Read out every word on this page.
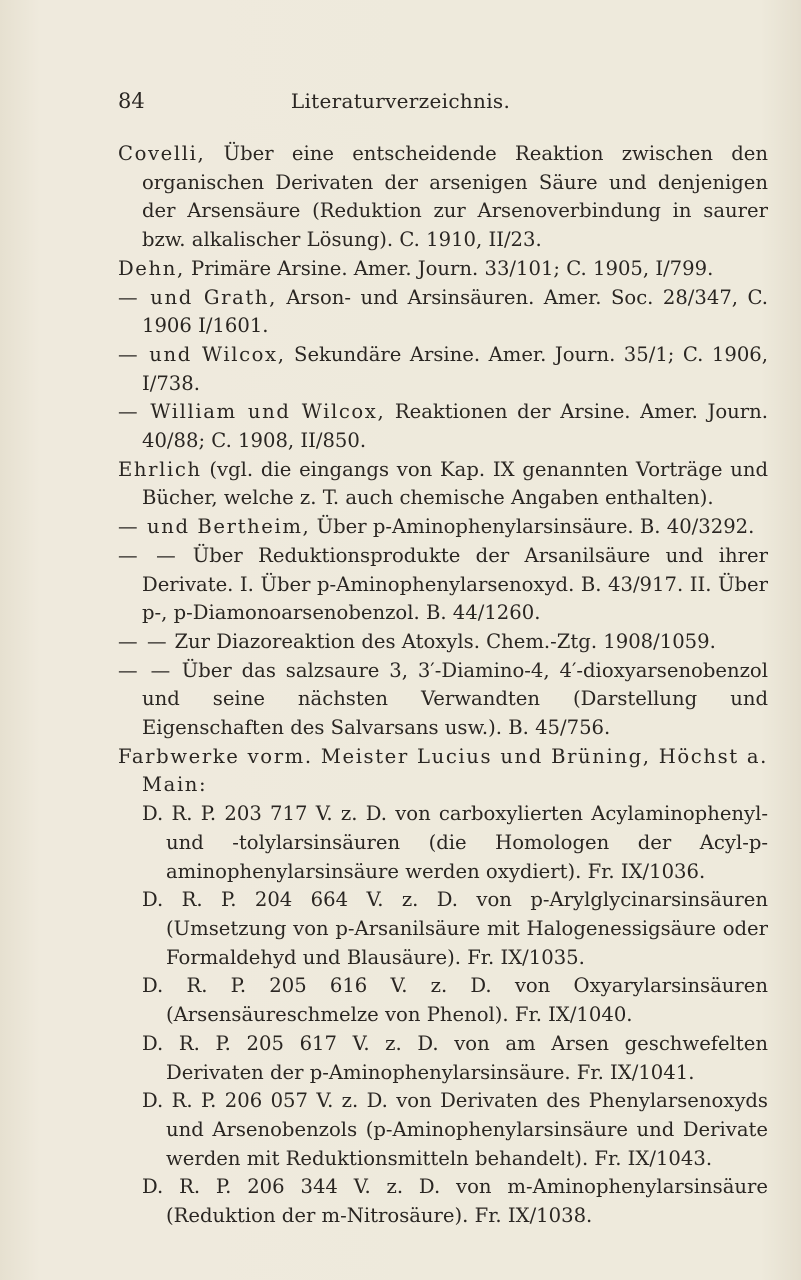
84	Literaturverzeichnis.

Covelli, Über eine entscheidende Reaktion zwischen den organischen Derivaten der arsenigen Säure und denjenigen der Arsensäure (Reduktion zur Arsenoverbindung in saurer bzw. alkalischer Lösung). C. 1910, II/23.

Dehn, Primäre Arsine. Amer. Journ. 33/101; C. 1905, I/799.

— und Grath, Arson- und Arsinsäuren. Amer. Soc. 28/347, C. 1906 I/1601.

— und Wilcox, Sekundäre Arsine. Amer. Journ. 35/1; C. 1906, I/738.

— William und Wilcox, Reaktionen der Arsine. Amer. Journ. 40/88; C. 1908, II/850.

Ehrlich (vgl. die eingangs von Kap. IX genannten Vorträge und Bücher, welche z. T. auch chemische Angaben enthalten).

— und Bertheim, Über p-Aminophenylarsinsäure. B. 40/3292.

— — Über Reduktionsprodukte der Arsanilsäure und ihrer Derivate. I. Über p-Aminophenylarsenoxyd. B. 43/917. II. Über p-, p-Diamonoarsenobenzol. B. 44/1260.

— — Zur Diazoreaktion des Atoxyls. Chem.-Ztg. 1908/1059.

— — Über das salzsaure 3, 3′-Diamino-4, 4′-dioxyarsenobenzol und seine nächsten Verwandten (Darstellung und Eigenschaften des Salvarsans usw.). B. 45/756.

Farbwerke vorm. Meister Lucius und Brüning, Höchst a. Main:

D. R. P. 203 717 V. z. D. von carboxylierten Acylaminophenyl- und -tolylarsinsäuren (die Homologen der Acyl-p-aminophenylarsinsäure werden oxydiert). Fr. IX/1036.

D. R. P. 204 664 V. z. D. von p-Arylglycinarsinsäuren (Umsetzung von p-Arsanilsäure mit Halogenessigsäure oder Formaldehyd und Blausäure). Fr. IX/1035.

D. R. P. 205 616 V. z. D. von Oxyarylarsinsäuren (Arsensäureschmelze von Phenol). Fr. IX/1040.

D. R. P. 205 617 V. z. D. von am Arsen geschwefelten Derivaten der p-Aminophenylarsinsäure. Fr. IX/1041.

D. R. P. 206 057 V. z. D. von Derivaten des Phenylarsenoxyds und Arsenobenzols (p-Aminophenylarsinsäure und Derivate werden mit Reduktionsmitteln behandelt). Fr. IX/1043.

D. R. P. 206 344 V. z. D. von m-Aminophenylarsinsäure (Reduktion der m-Nitrosäure). Fr. IX/1038.
